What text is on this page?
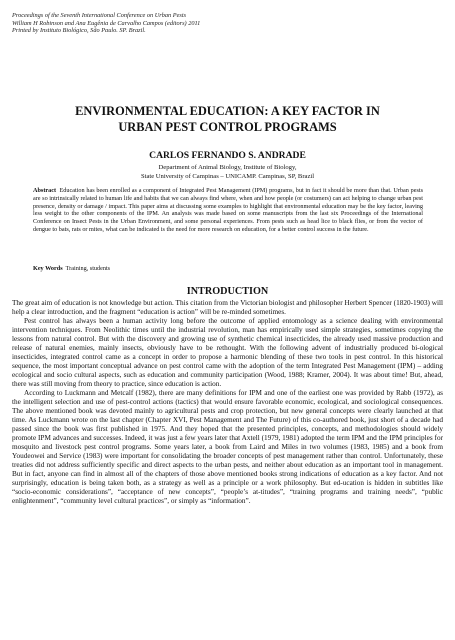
Proceedings of the Seventh International Conference on Urban Pests
William H Robinson and Ana Eugênia de Carvalho Campos (editors) 2011
Printed by Instituto Biológico, São Paulo. SP. Brazil.
ENVIRONMENTAL EDUCATION: A KEY FACTOR IN
URBAN PEST CONTROL PROGRAMS
CARLOS FERNANDO S. ANDRADE
Department of Animal Biology, Institute of Biology,
State University of Campinas – UNICAMP. Campinas, SP, Brazil
Abstract Education has been enrolled as a component of Integrated Pest Management (IPM) programs, but in fact it should be more than that. Urban pests are so intrinsically related to human life and habits that we can always find where, when and how people (or costumers) can act helping to change urban pest presence, density or damage / impact. This paper aims at discussing some examples to highlight that environmental education may be the key factor, leaving less weight to the other components of the IPM. An analysis was made based on some manuscripts from the last six Proceedings of the International Conference on Insect Pests in the Urban Environment, and some personal experiences. From pests such as head lice to black flies, or from the vector of dengue to bats, rats or mites, what can be indicated is the need for more research on education, for a better control success in the future.
Key Words Training, students
INTRODUCTION

The great aim of education is not knowledge but action. This citation from the Victorian biologist and philosopher Herbert Spencer (1820-1903) will help a clear introduction, and the fragment “education is action” will be re-minded sometimes.

Pest control has always been a human activity long before the outcome of applied entomology as a science dealing with environmental intervention techniques. From Neolithic times until the industrial revolution, man has empirically used simple strategies, sometimes copying the lessons from natural control. But with the discovery and growing use of synthetic chemical insecticides, the already used massive production and release of natural enemies, mainly insects, obviously have to be rethought. With the following advent of industrially produced bi-ological insecticides, integrated control came as a concept in order to propose a harmonic blending of these two tools in pest control. In this historical sequence, the most important conceptual advance on pest control came with the adoption of the term Integrated Pest Management (IPM) – adding ecological and socio cultural aspects, such as education and community participation (Wood, 1988; Kramer, 2004). It was about time! But, ahead, there was still moving from theory to practice, since education is action.

According to Luckmann and Metcalf (1982), there are many definitions for IPM and one of the earliest one was provided by Rabb (1972), as the intelligent selection and use of pest-control actions (tactics) that would ensure favorable economic, ecological, and sociological consequences. The above mentioned book was devoted mainly to agricultural pests and crop protection, but new general concepts were clearly launched at that time. As Luckmann wrote on the last chapter (Chapter XVI, Pest Management and The Future) of this co-authored book, just short of a decade had passed since the book was first published in 1975. And they hoped that the presented principles, concepts, and methodologies should widely promote IPM advances and successes. Indeed, it was just a few years later that Axtell (1979, 1981) adopted the term IPM and the IPM principles for mosquito and livestock pest control programs. Some years later, a book from Laird and Miles in two volumes (1983, 1985) and a book from Youdeowei and Service (1983) were important for consolidating the broader concepts of pest management rather than control. Unfortunately, these treaties did not address sufficiently specific and direct aspects to the urban pests, and neither about education as an important tool in management. But in fact, anyone can find in almost all of the chapters of those above mentioned books strong indications of education as a key factor. And not surprisingly, education is being taken both, as a strategy as well as a principle or a work philosophy. But ed-ucation is hidden in subtitles like “socio-economic considerations”, “acceptance of new concepts”, “people’s at-titudes”, “training programs and training needs”, “public enlightenment”, “community level cultural practices”, or simply as “information”.
